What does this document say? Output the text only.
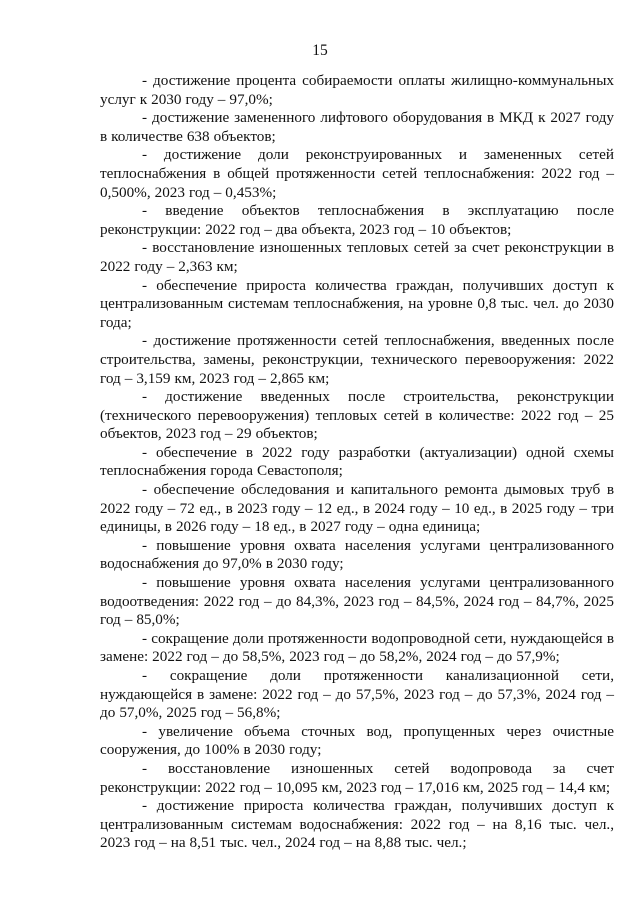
15

- достижение процента собираемости оплаты жилищно-коммунальных услуг к 2030 году – 97,0%;

- достижение замененного лифтового оборудования в МКД к 2027 году в количестве 638 объектов;

- достижение доли реконструированных и замененных сетей теплоснабжения в общей протяженности сетей теплоснабжения: 2022 год – 0,500%, 2023 год – 0,453%;

- введение объектов теплоснабжения в эксплуатацию после реконструкции: 2022 год – два объекта, 2023 год – 10 объектов;

- восстановление изношенных тепловых сетей за счет реконструкции в 2022 году – 2,363 км;

- обеспечение прироста количества граждан, получивших доступ к централизованным системам теплоснабжения, на уровне 0,8 тыс. чел. до 2030 года;

- достижение протяженности сетей теплоснабжения, введенных после строительства, замены, реконструкции, технического перевооружения: 2022 год – 3,159 км, 2023 год – 2,865 км;

- достижение введенных после строительства, реконструкции (технического перевооружения) тепловых сетей в количестве: 2022 год – 25 объектов, 2023 год – 29 объектов;

- обеспечение в 2022 году разработки (актуализации) одной схемы теплоснабжения города Севастополя;

- обеспечение обследования и капитального ремонта дымовых труб в 2022 году – 72 ед., в 2023 году – 12 ед., в 2024 году – 10 ед., в 2025 году – три единицы, в 2026 году – 18 ед., в 2027 году – одна единица;

- повышение уровня охвата населения услугами централизованного водоснабжения до 97,0% в 2030 году;

- повышение уровня охвата населения услугами централизованного водоотведения: 2022 год – до 84,3%, 2023 год – 84,5%, 2024 год – 84,7%, 2025 год – 85,0%;

- сокращение доли протяженности водопроводной сети, нуждающейся в замене: 2022 год – до 58,5%, 2023 год – до 58,2%, 2024 год – до 57,9%;

- сокращение доли протяженности канализационной сети, нуждающейся в замене: 2022 год – до 57,5%, 2023 год – до 57,3%, 2024 год – до 57,0%, 2025 год – 56,8%;

- увеличение объема сточных вод, пропущенных через очистные сооружения, до 100% в 2030 году;

- восстановление изношенных сетей водопровода за счет реконструкции: 2022 год – 10,095 км, 2023 год – 17,016 км, 2025 год – 14,4 км;

- достижение прироста количества граждан, получивших доступ к централизованным системам водоснабжения: 2022 год – на 8,16 тыс. чел., 2023 год – на 8,51 тыс. чел., 2024 год – на 8,88 тыс. чел.;
